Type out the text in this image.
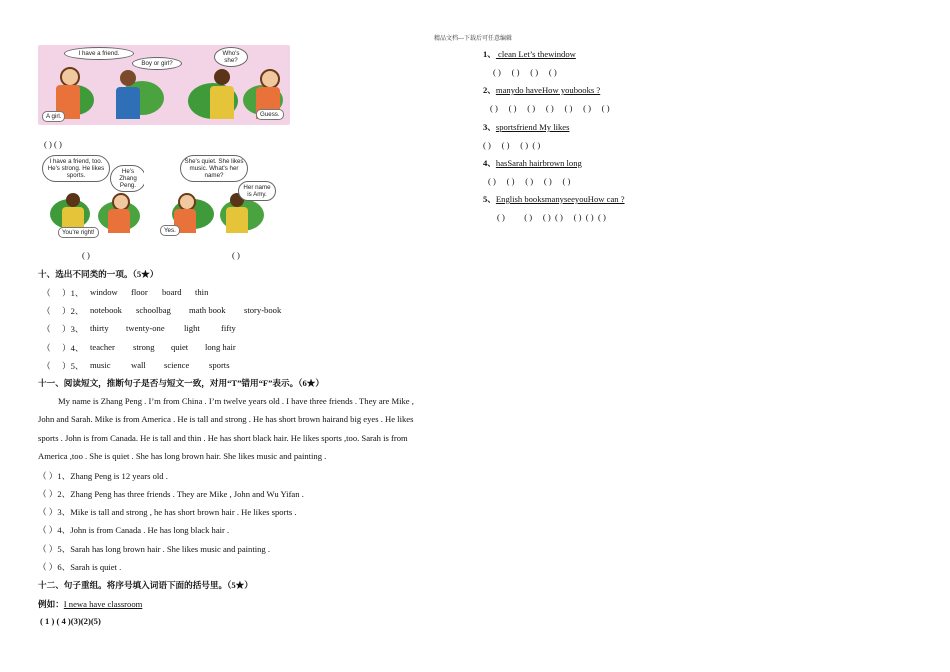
精品文档---下载后可任意编辑
I have a friend.
Boy or girl?
Who's she?
A girl.	Guess.
( ) ( )
I have a friend, too. He's strong. He likes sports.
He's Zhang Peng.
You're right!
She's quiet. She likes music. What's her name?
Her name is Amy.
Yes.
( )	( )
十、选出不同类的一项。（5★）
（ ）1、 window floor board thin
（ ）2、 notebook schoolbag math book story-book
（ ）3、 thirty twenty-one light fifty
（ ）4、 teacher strong quiet long hair
（ ）5、 music wall science sports
十一、阅读短文，推断句子是否与短文一致，对用“T”错用“F”表示。（6★）
My name is Zhang Peng . I’m from China . I’m twelve years old . I have three friends . They are Mike ,
John and Sarah. Mike is from America . He is tall and strong . He has short brown hairand big eyes . He likes
sports . John is from Canada. He is tall and thin . He has short black hair. He likes sports ,too. Sarah is from
America ,too . She is quiet . She has long brown hair. She likes music and painting .
（ ）1、Zhang Peng is 12 years old .
（ ）2、Zhang Peng has three friends . They are Mike , John and Wu Yifan .
（ ）3、Mike is tall and strong , he has short brown hair . He likes sports .
（ ）4、John is from Canada . He has long black hair .
（ ）5、Sarah has long brown hair . She likes music and painting .
（ ）6、Sarah is quiet .
十二、句子重组。将序号填入词语下面的括号里。（5★）
例如：I newa have classroom
( 1 ) ( 4 )(3)(2)(5)
1、 clean Let’s thewindow
( )     ( )     ( )     ( )
2、manydo haveHow youbooks ?
( )     ( )     ( )     ( )     ( )     ( )     ( )
3、sportsfriend My likes
( )     ( )     ( )  ( )
4、hasSarah hairbrown long
( )     ( )     ( )     ( )     ( )
5、English booksmanyseeyouHow can ?
( )         ( )     ( )  ( )     ( )  ( )  ( )
